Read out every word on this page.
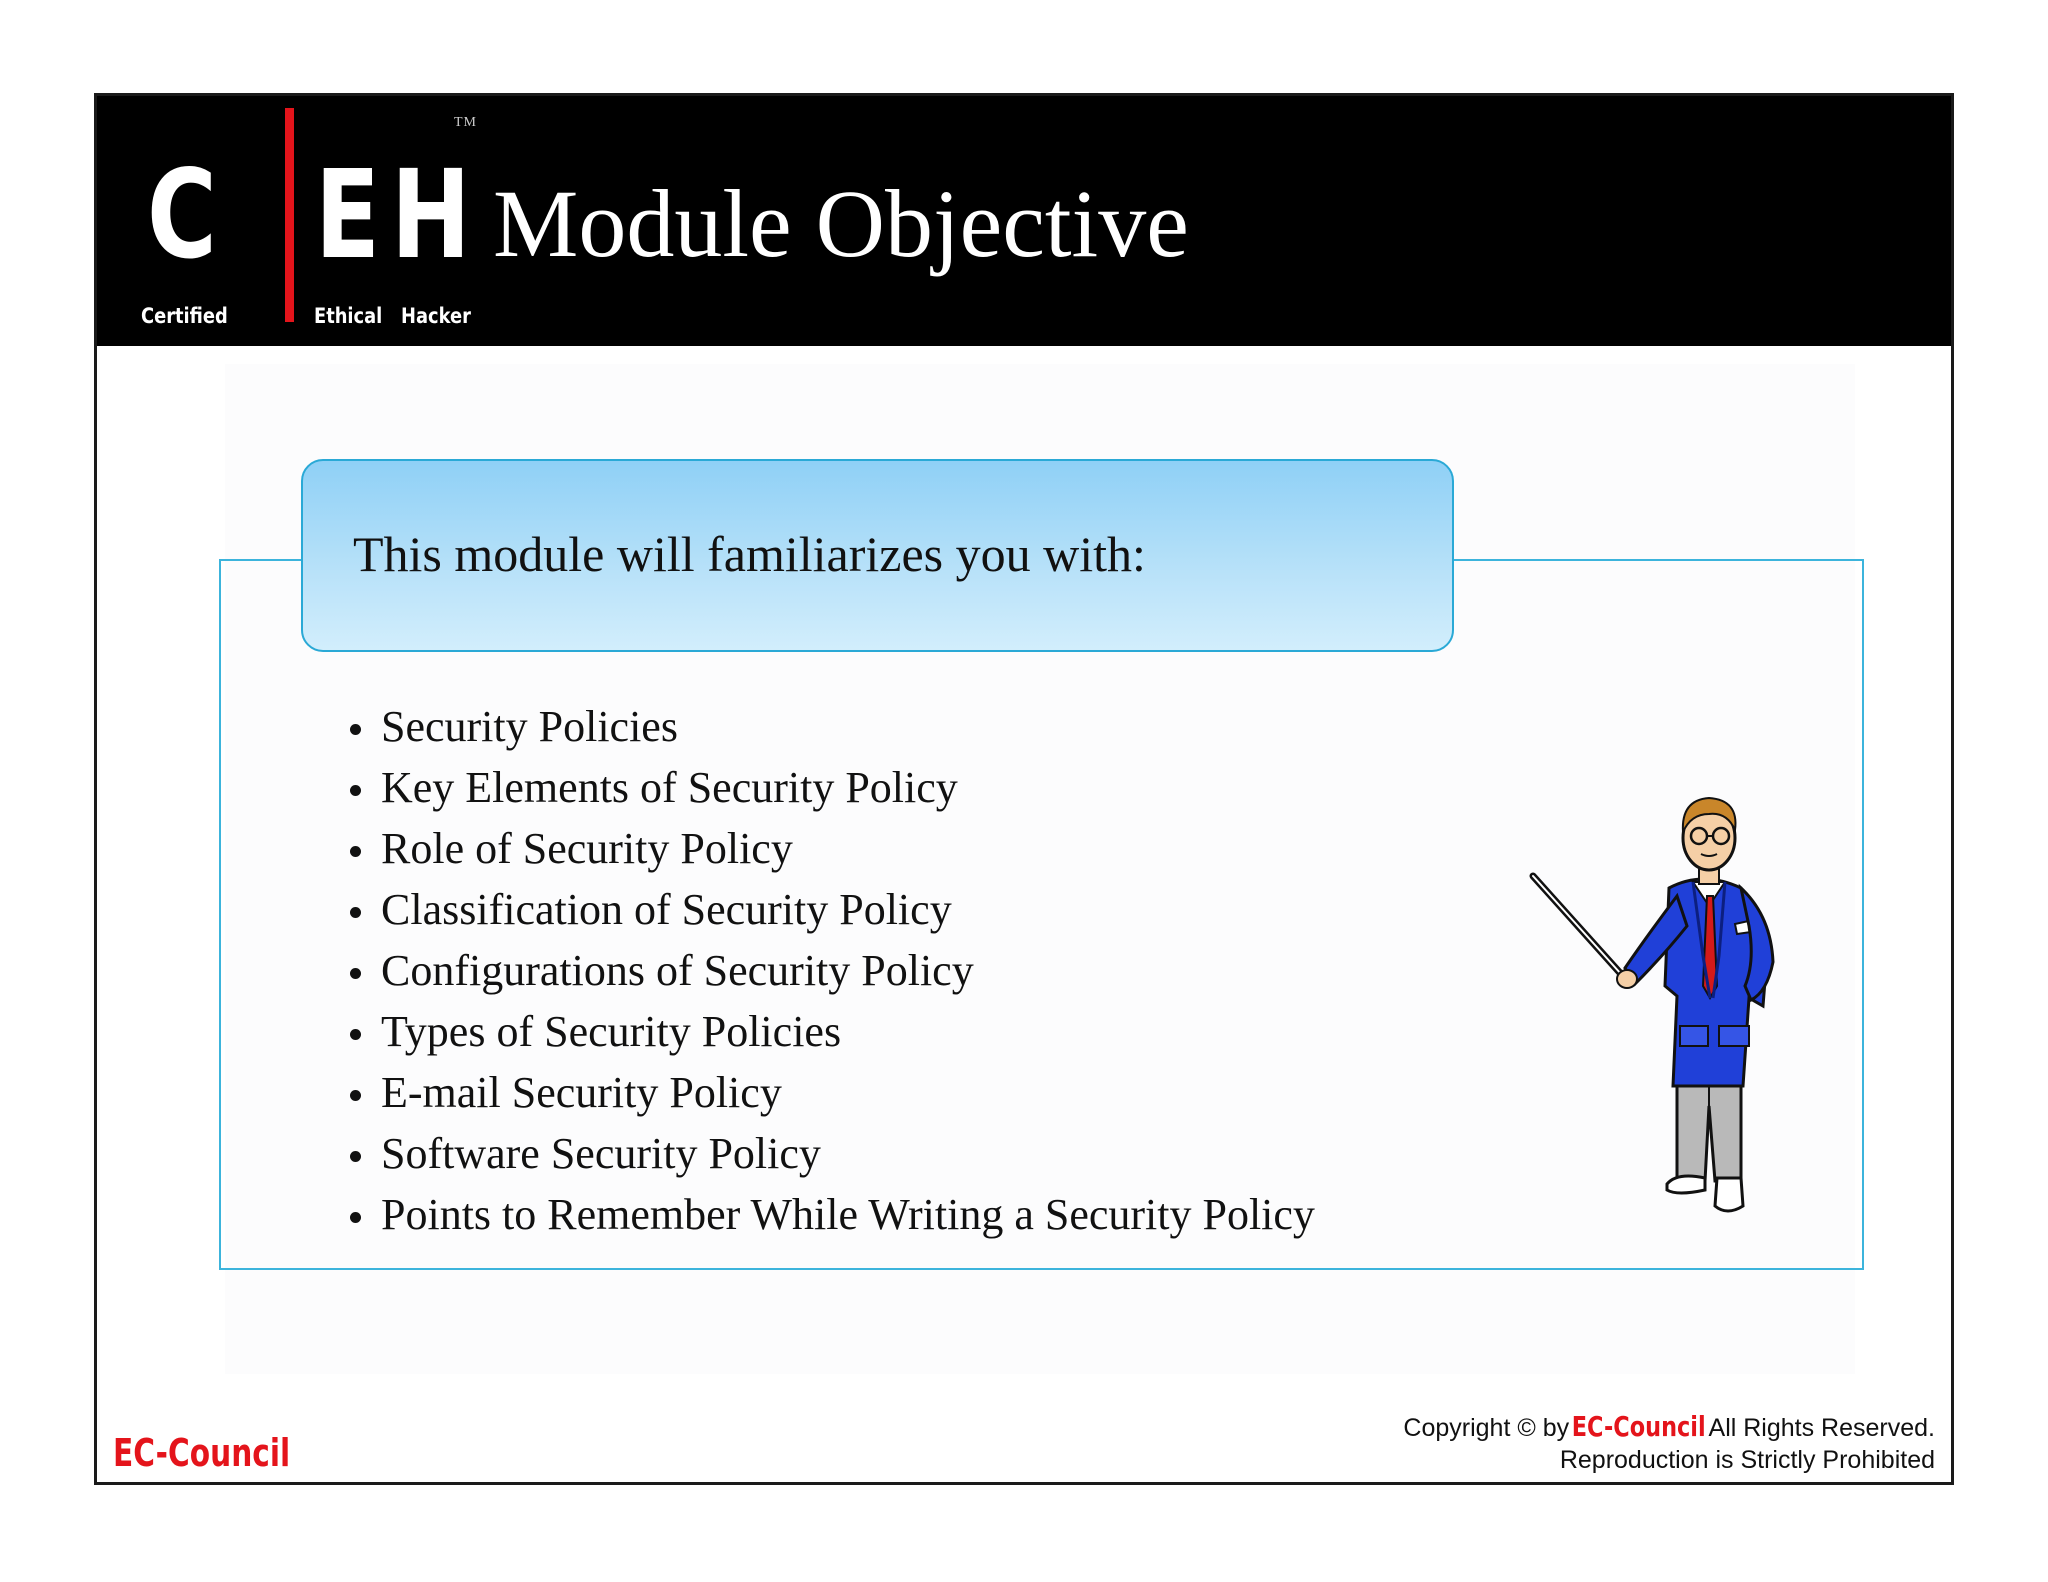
C E H
TM
Certified	Ethical Hacker
Module Objective
This module will familiarizes you with:
Security Policies
Key Elements of Security Policy
Role of Security Policy
Classification of Security Policy
Configurations of Security Policy
Types of Security Policies
E-mail Security Policy
Software Security Policy
Points to Remember While Writing a Security Policy
EC-Council
Copyright © byEC-Council All Rights Reserved.
Reproduction is Strictly Prohibited
